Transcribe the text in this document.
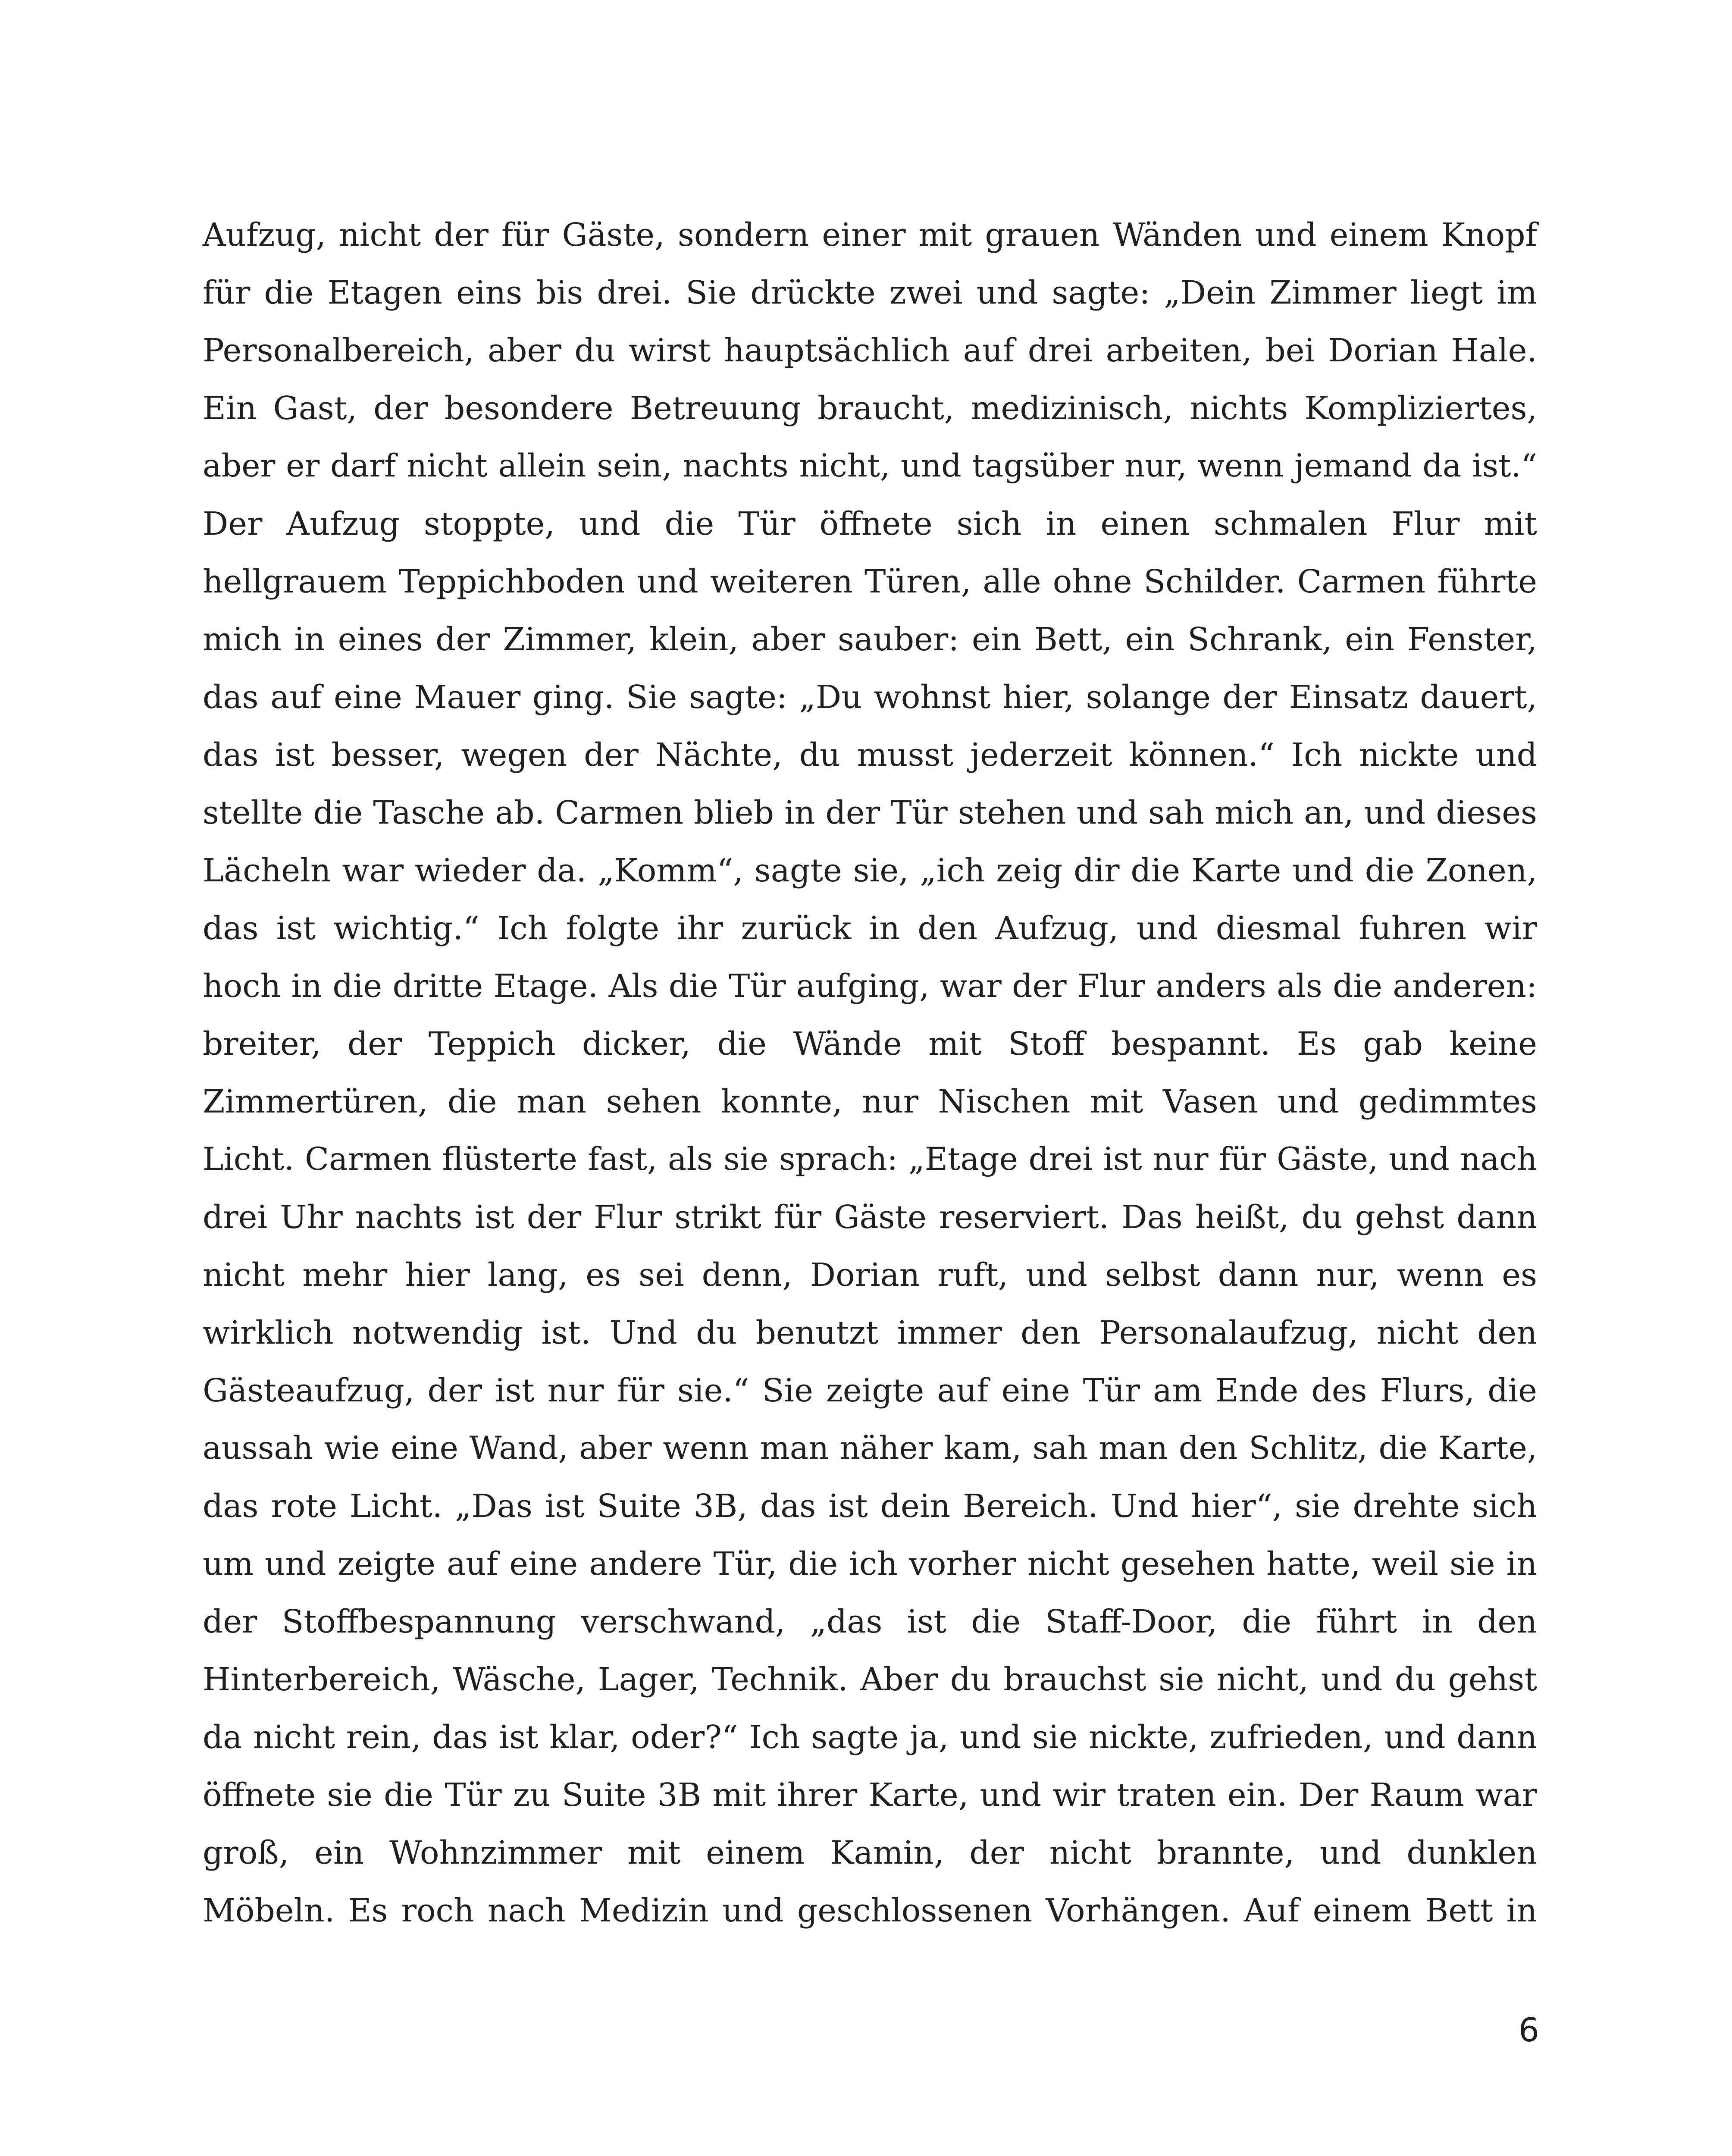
Aufzug, nicht der für Gäste, sondern einer mit grauen Wänden und einem Knopf
für die Etagen eins bis drei. Sie drückte zwei und sagte: „Dein Zimmer liegt im
Personalbereich, aber du wirst hauptsächlich auf drei arbeiten, bei Dorian Hale.
Ein Gast, der besondere Betreuung braucht, medizinisch, nichts Kompliziertes,
aber er darf nicht allein sein, nachts nicht, und tagsüber nur, wenn jemand da ist.“
Der Aufzug stoppte, und die Tür öffnete sich in einen schmalen Flur mit
hellgrauem Teppichboden und weiteren Türen, alle ohne Schilder. Carmen führte
mich in eines der Zimmer, klein, aber sauber: ein Bett, ein Schrank, ein Fenster,
das auf eine Mauer ging. Sie sagte: „Du wohnst hier, solange der Einsatz dauert,
das ist besser, wegen der Nächte, du musst jederzeit können.“ Ich nickte und
stellte die Tasche ab. Carmen blieb in der Tür stehen und sah mich an, und dieses
Lächeln war wieder da. „Komm“, sagte sie, „ich zeig dir die Karte und die Zonen,
das ist wichtig.“ Ich folgte ihr zurück in den Aufzug, und diesmal fuhren wir
hoch in die dritte Etage. Als die Tür aufging, war der Flur anders als die anderen:
breiter, der Teppich dicker, die Wände mit Stoff bespannt. Es gab keine
Zimmertüren, die man sehen konnte, nur Nischen mit Vasen und gedimmtes
Licht. Carmen flüsterte fast, als sie sprach: „Etage drei ist nur für Gäste, und nach
drei Uhr nachts ist der Flur strikt für Gäste reserviert. Das heißt, du gehst dann
nicht mehr hier lang, es sei denn, Dorian ruft, und selbst dann nur, wenn es
wirklich notwendig ist. Und du benutzt immer den Personalaufzug, nicht den
Gästeaufzug, der ist nur für sie.“ Sie zeigte auf eine Tür am Ende des Flurs, die
aussah wie eine Wand, aber wenn man näher kam, sah man den Schlitz, die Karte,
das rote Licht. „Das ist Suite 3B, das ist dein Bereich. Und hier“, sie drehte sich
um und zeigte auf eine andere Tür, die ich vorher nicht gesehen hatte, weil sie in
der Stoffbespannung verschwand, „das ist die Staff-Door, die führt in den
Hinterbereich, Wäsche, Lager, Technik. Aber du brauchst sie nicht, und du gehst
da nicht rein, das ist klar, oder?“ Ich sagte ja, und sie nickte, zufrieden, und dann
öffnete sie die Tür zu Suite 3B mit ihrer Karte, und wir traten ein. Der Raum war
groß, ein Wohnzimmer mit einem Kamin, der nicht brannte, und dunklen
Möbeln. Es roch nach Medizin und geschlossenen Vorhängen. Auf einem Bett in
6
